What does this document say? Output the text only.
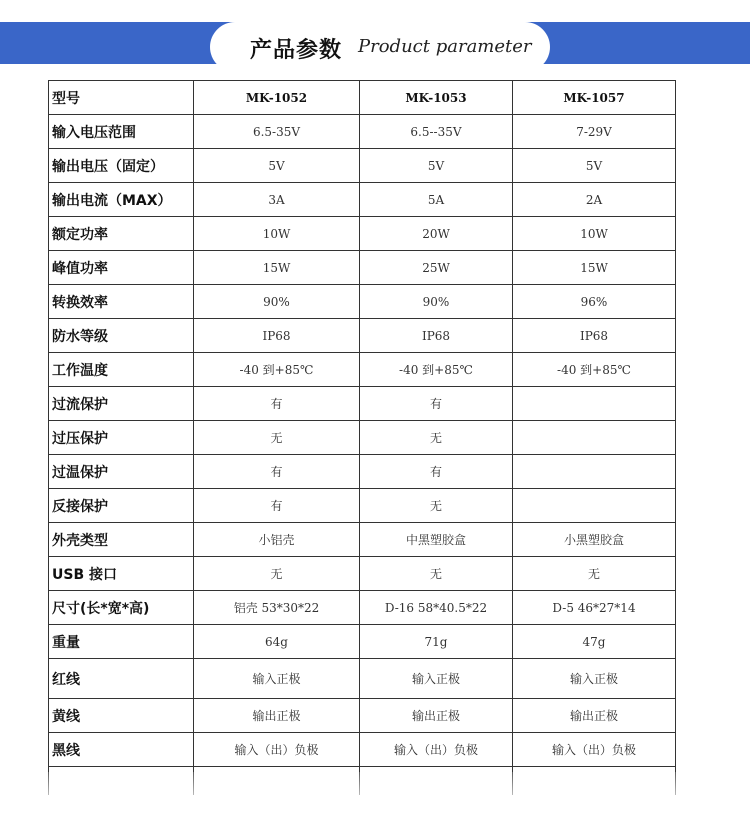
产品参数 Product parameter
型号	MK-1052	MK-1053	MK-1057
输入电压范围	6.5-35V	6.5--35V	7-29V
输出电压（固定）	5V	5V	5V
输出电流（MAX）	3A	5A	2A
额定功率	10W	20W	10W
峰值功率	15W	25W	15W
转换效率	90%	90%	96%
防水等级	IP68	IP68	IP68
工作温度	-40 到+85℃	-40 到+85℃	-40 到+85℃
过流保护	有	有	
过压保护	无	无	
过温保护	有	有	
反接保护	有	无	
外壳类型	小铝壳	中黑塑胶盒	小黑塑胶盒
USB 接口	无	无	无
尺寸(长*宽*高)	铝壳 53*30*22	D-16 58*40.5*22	D-5 46*27*14
重量	64g	71g	47g
红线	输入正极	输入正极	输入正极
黄线	输出正极	输出正极	输出正极
黑线	输入（出）负极	输入（出）负极	输入（出）负极
